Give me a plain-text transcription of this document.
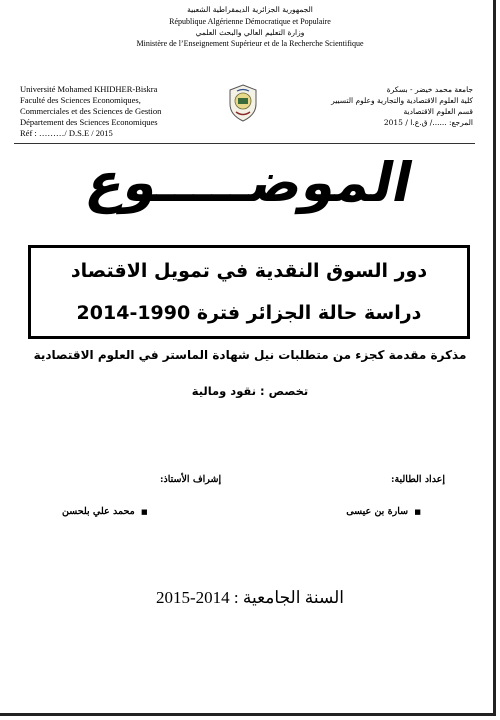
الجمهورية الجزائرية الديمقراطية الشعبية
République Algérienne Démocratique et Populaire
وزارة التعليم العالي والبحث العلمي
Ministère de l’Enseignement Supérieur et de la Recherche Scientifique
Université Mohamed KHIDHER-Biskra
Faculté des Sciences Economiques,
Commerciales et des Sciences de Gestion
Département des Sciences Economiques
Réf : ………/ D.S.E / 2015
جامعة محمد خيضر - بسكرة
كلية العلوم الاقتصادية والتجارية وعلوم التسيير
قسم العلوم الاقتصادية
المرجع: ....../ ق.ع.ا / 2015
الموضـــــوع
دور السوق النقدية في تمويل الاقتصاد
دراسة حالة الجزائر فترة 1990-2014
مذكرة مقدمة كجزء من متطلبات نيل شهادة الماستر في العلوم الاقتصادية
تخصص : نقود ومالية
إعداد الطالبة:
■ سارة بن عيسى
إشراف الأستاذ:
■ محمد علي بلحسن
السنة الجامعية : 2014-2015
